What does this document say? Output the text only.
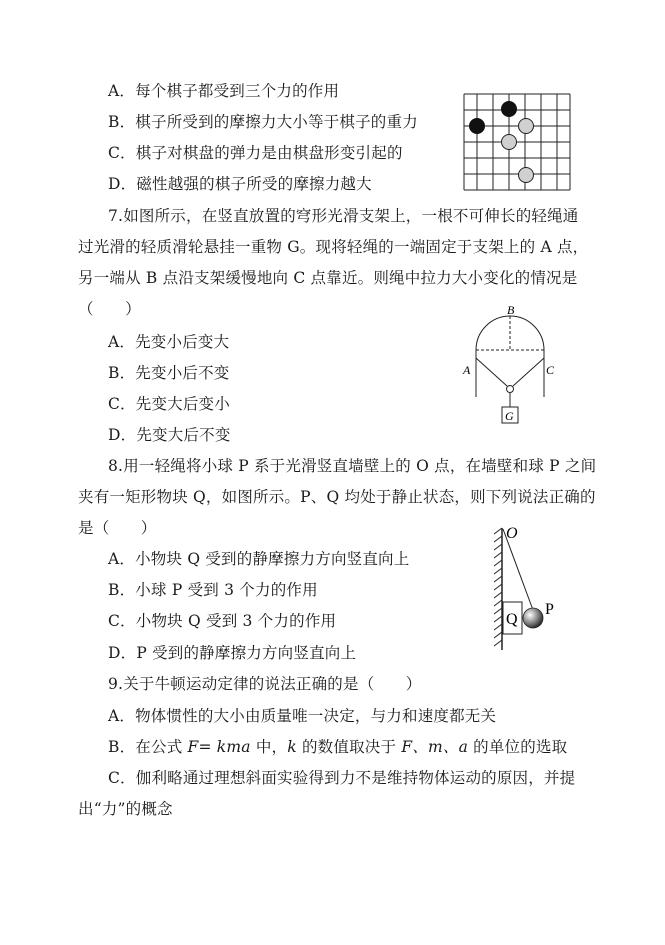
A．每个棋子都受到三个力的作用
B．棋子所受到的摩擦力大小等于棋子的重力
C．棋子对棋盘的弹力是由棋盘形变引起的
D．磁性越强的棋子所受的摩擦力越大
7.如图所示，在竖直放置的穹形光滑支架上，一根不可伸长的轻绳通
过光滑的轻质滑轮悬挂一重物 G。现将轻绳的一端固定于支架上的 A 点，
另一端从 B 点沿支架缓慢地向 C 点靠近。则绳中拉力大小变化的情况是
（　　）
A．先变小后变大
B．先变小后不变
C．先变大后变小
D．先变大后不变
B
A	C
G
8.用一轻绳将小球 P 系于光滑竖直墙壁上的 O 点，在墙壁和球 P 之间
夹有一矩形物块 Q，如图所示。P、Q 均处于静止状态，则下列说法正确的
是（　　）
A．小物块 Q 受到的静摩擦力方向竖直向上
B．小球 P 受到 3 个力的作用
C．小物块 Q 受到 3 个力的作用
D．P 受到的静摩擦力方向竖直向上
O
Q
P
9.关于牛顿运动定律的说法正确的是（　　）
A．物体惯性的大小由质量唯一决定，与力和速度都无关
B．在公式 F= kma 中，k 的数值取决于 F、m、a 的单位的选取
C．伽利略通过理想斜面实验得到力不是维持物体运动的原因，并提
出“力”的概念
